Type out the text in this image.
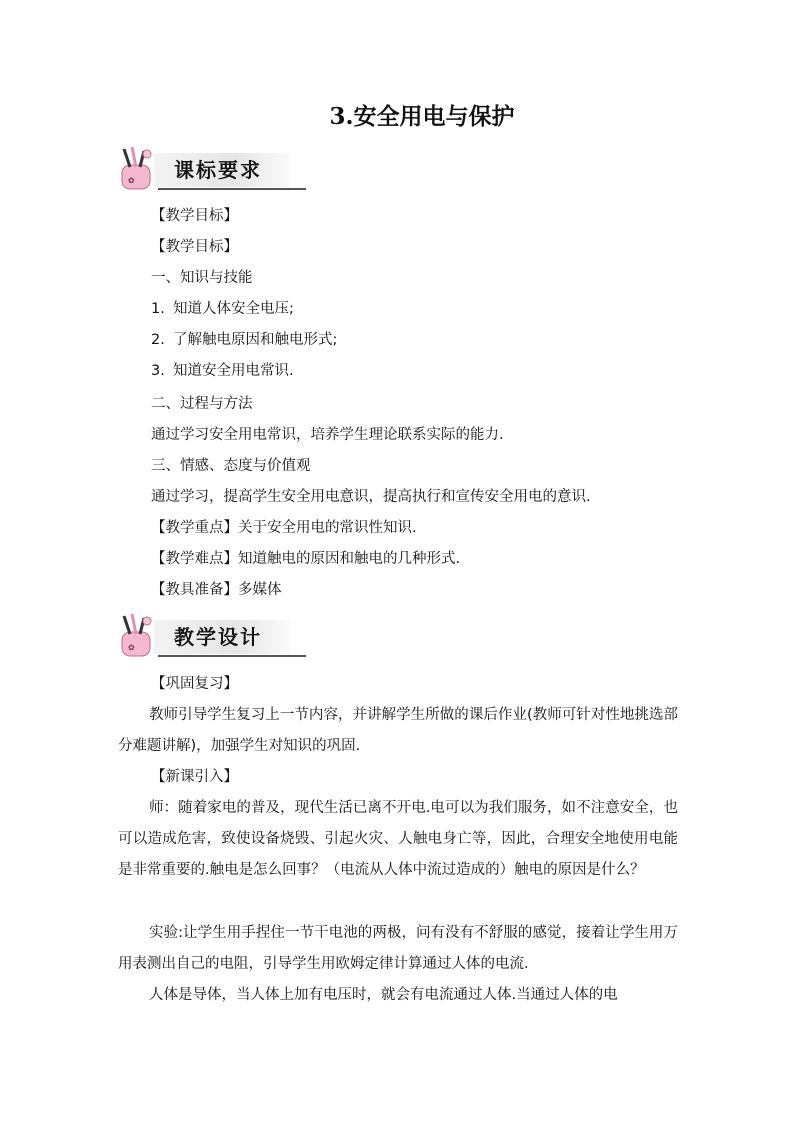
3.安全用电与保护
✿ 课标要求
【教学目标】
【教学目标】
一、知识与技能
1. 知道人体安全电压;
2. 了解触电原因和触电形式;
3. 知道安全用电常识.
二、过程与方法
通过学习安全用电常识，培养学生理论联系实际的能力.
三、情感、态度与价值观
通过学习，提高学生安全用电意识，提高执行和宣传安全用电的意识.
【教学重点】关于安全用电的常识性知识.
【教学难点】知道触电的原因和触电的几种形式.
【教具准备】多媒体
✿ 教学设计
【巩固复习】
教师引导学生复习上一节内容，并讲解学生所做的课后作业(教师可针对性地挑选部分难题讲解)，加强学生对知识的巩固.
【新课引入】
师：随着家电的普及，现代生活已离不开电.电可以为我们服务，如不注意安全，也可以造成危害，致使设备烧毁、引起火灾、人触电身亡等，因此，合理安全地使用电能是非常重要的.触电是怎么回事？（电流从人体中流过造成的）触电的原因是什么？
实验:让学生用手捏住一节干电池的两极，问有没有不舒服的感觉，接着让学生用万用表测出自己的电阻，引导学生用欧姆定律计算通过人体的电流.
人体是导体，当人体上加有电压时，就会有电流通过人体.当通过人体的电
